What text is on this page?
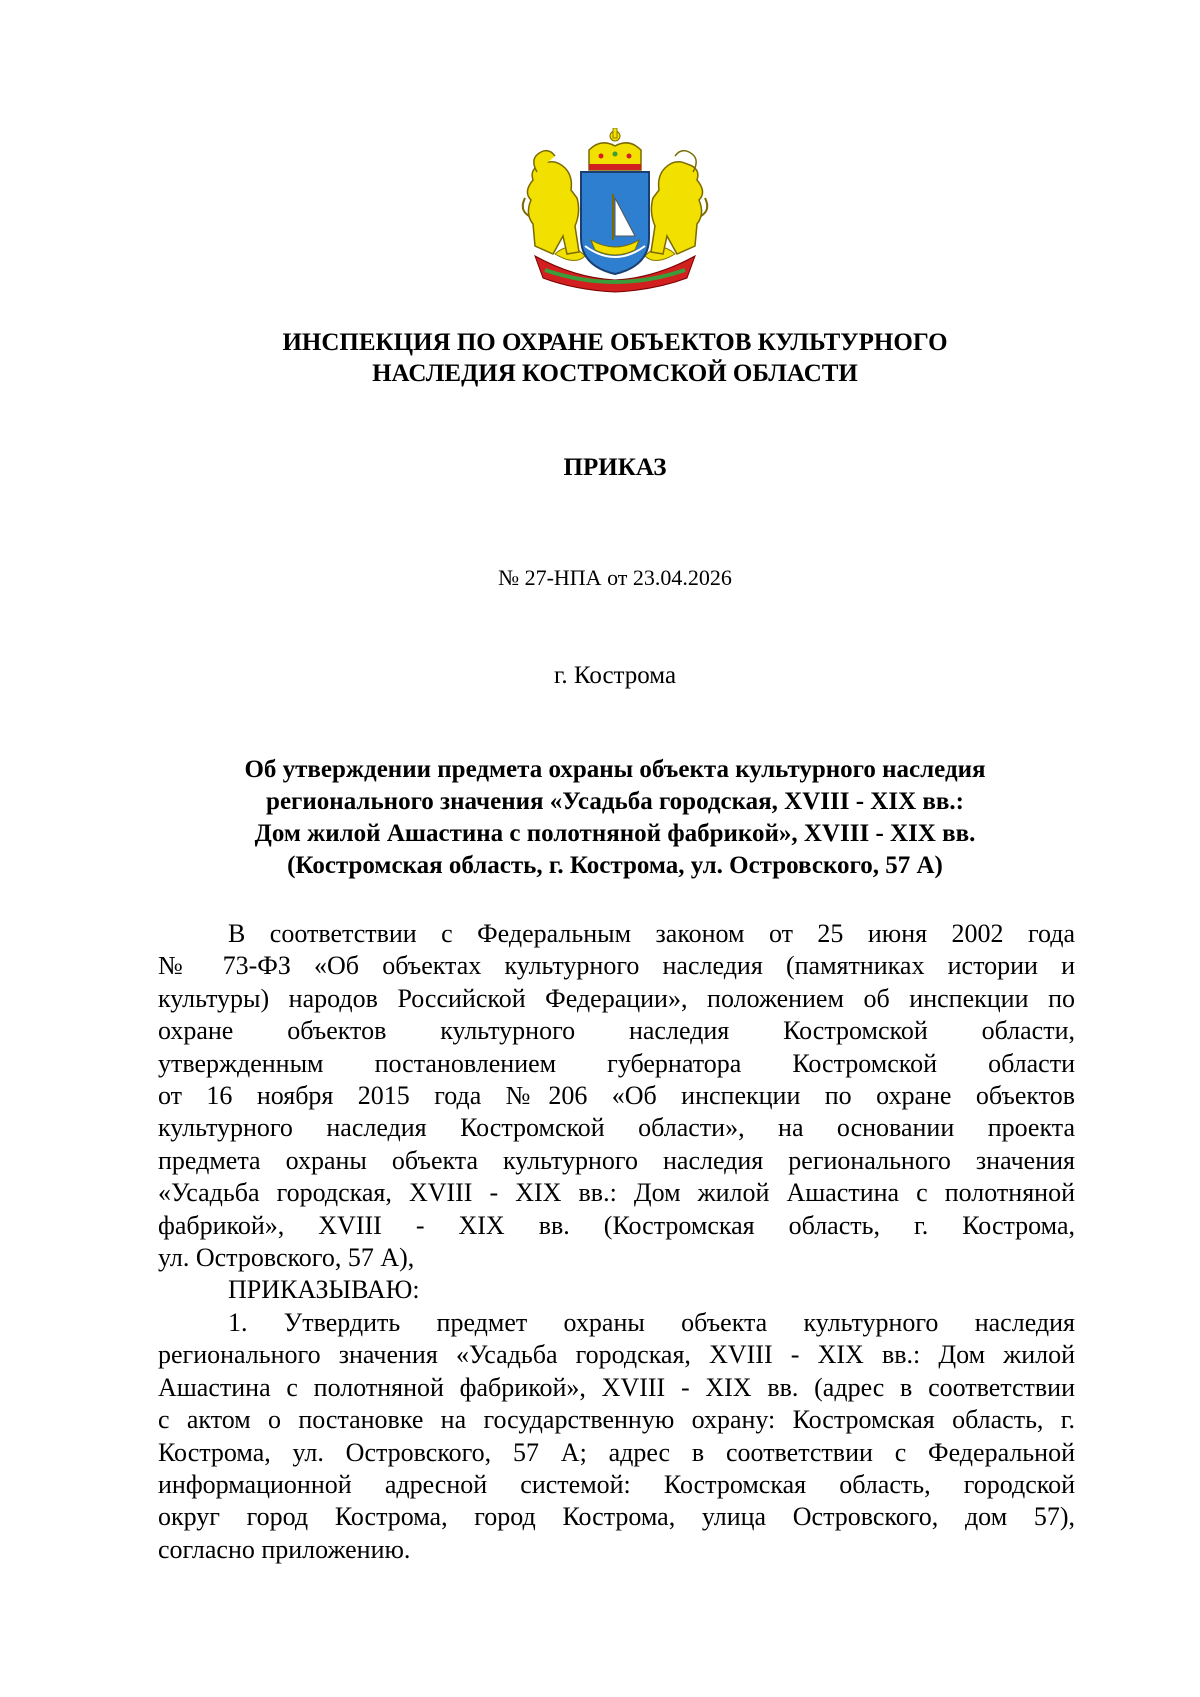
ИНСПЕКЦИЯ ПО ОХРАНЕ ОБЪЕКТОВ КУЛЬТУРНОГО
НАСЛЕДИЯ КОСТРОМСКОЙ ОБЛАСТИ
ПРИКАЗ
№ 27-НПА от 23.04.2026
г. Кострома
Об утверждении предмета охраны объекта культурного наследия
регионального значения «Усадьба городская, XVIII - XIX вв.:
Дом жилой Ашастина с полотняной фабрикой», XVIII - XIX вв.
(Костромская область, г. Кострома, ул. Островского, 57 А)
В соответствии с Федеральным законом от 25 июня 2002 года
№ 73-ФЗ «Об объектах культурного наследия (памятниках истории и
культуры) народов Российской Федерации», положением об инспекции по
охране объектов культурного наследия Костромской области,
утвержденным постановлением губернатора Костромской области
от 16 ноября 2015 года №206 «Об инспекции по охране объектов
культурного наследия Костромской области», на основании проекта
предмета охраны объекта культурного наследия регионального значения
«Усадьба городская, XVIII - XIX вв.: Дом жилой Ашастина с полотняной
фабрикой», XVIII - XIX вв. (Костромская область, г. Кострома,
ул. Островского, 57 А),
ПРИКАЗЫВАЮ:
1. Утвердить предмет охраны объекта культурного наследия
регионального значения «Усадьба городская, XVIII - XIX вв.: Дом жилой
Ашастина с полотняной фабрикой», XVIII - XIX вв. (адрес в соответствии
с актом о постановке на государственную охрану: Костромская область, г.
Кострома, ул. Островского, 57 А; адрес в соответствии с Федеральной
информационной адресной системой: Костромская область, городской
округ город Кострома, город Кострома, улица Островского, дом 57),
согласно приложению.
